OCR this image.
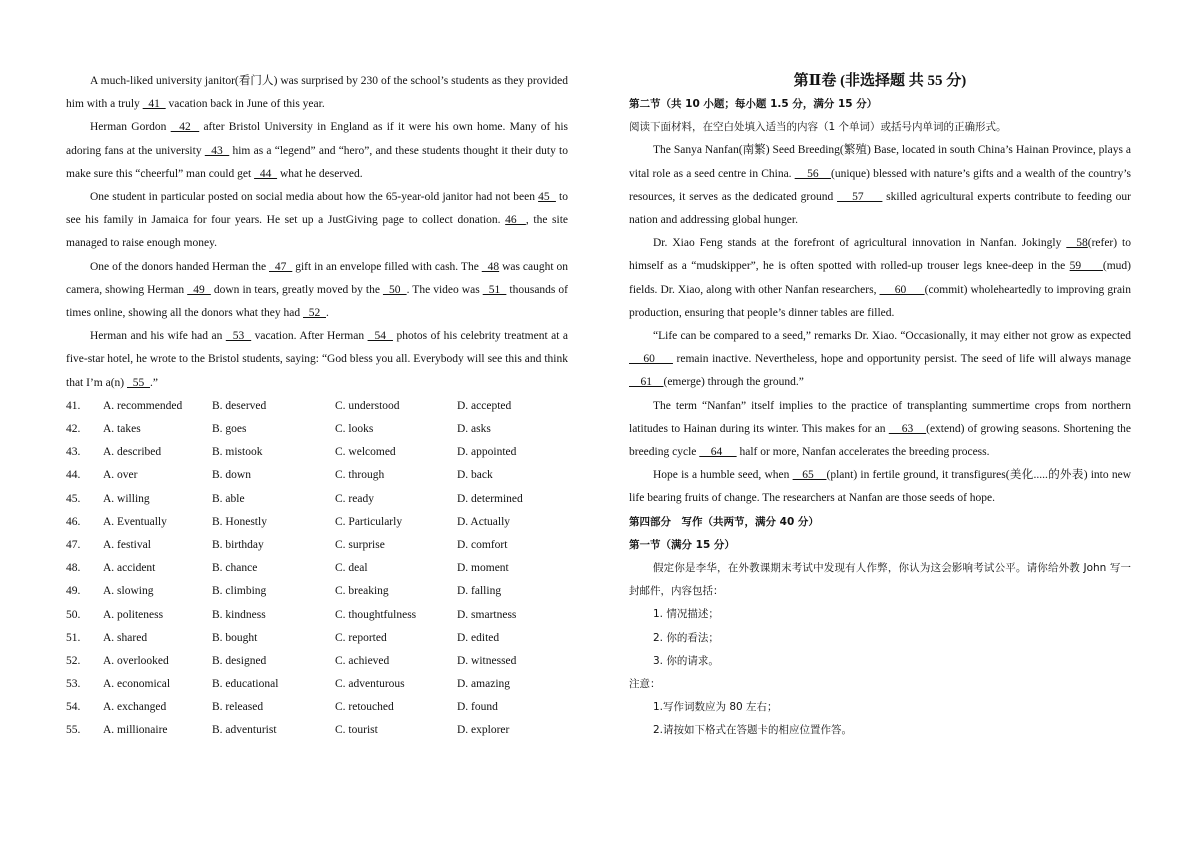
A much-liked university janitor(看门人) was surprised by 230 of the school’s students as they provided him with a truly   41   vacation back in June of this year.

Herman Gordon   42   after Bristol University in England as if it were his own home. Many of his adoring fans at the university   43   him as a “legend” and “hero”, and these students thought it their duty to make sure this “cheerful” man could get   44   what he deserved.

One student in particular posted on social media about how the 65-year-old janitor had not been 45   to see his family in Jamaica for four years. He set up a JustGiving page to collect donation. 46  , the site managed to raise enough money.

One of the donors handed Herman the   47   gift in an envelope filled with cash. The   48 was caught on camera, showing Herman   49   down in tears, greatly moved by the   50  . The video was   51   thousands of times online, showing all the donors what they had   52  .

Herman and his wife had an   53   vacation. After Herman   54   photos of his celebrity treatment at a five-star hotel, he wrote to the Bristol students, saying: “God bless you all. Everybody will see this and think that I’m a(n)   55  .”

41.	A. recommended	B. deserved	C. understood	D. accepted
42.	A. takes	B. goes	C. looks	D. asks
43.	A. described	B. mistook	C. welcomed	D. appointed
44.	A. over	B. down	C. through	D. back
45.	A. willing	B. able	C. ready	D. determined
46.	A. Eventually	B. Honestly	C. Particularly	D. Actually
47.	A. festival	B. birthday	C. surprise	D. comfort
48.	A. accident	B. chance	C. deal	D. moment
49.	A. slowing	B. climbing	C. breaking	D. falling
50.	A. politeness	B. kindness	C. thoughtfulness	D. smartness
51.	A. shared	B. bought	C. reported	D. edited
52.	A. overlooked	B. designed	C. achieved	D. witnessed
53.	A. economical	B. educational	C. adventurous	D. amazing
54.	A. exchanged	B. released	C. retouched	D. found
55.	A. millionaire	B. adventurist	C. tourist	D. explorer
第Ⅱ卷 (非选择题 共 55 分)

第二节（共 10 小题；每小题 1.5 分，满分 15 分）

阅读下面材料，在空白处填入适当的内容（1 个单词）或括号内单词的正确形式。

The Sanya Nanfan(南繁) Seed Breeding(繁殖) Base, located in south China’s Hainan Province, plays a vital role as a seed centre in China.     56    (unique) blessed with nature’s gifts and a wealth of the country’s resources, it serves as the dedicated ground     57      skilled agricultural experts contribute to feeding our nation and addressing global hunger.

Dr. Xiao Feng stands at the forefront of agricultural innovation in Nanfan. Jokingly   58(refer) to himself as a “mudskipper”, he is often spotted with rolled-up trouser legs knee-deep in the 59     (mud) fields. Dr. Xiao, along with other Nanfan researchers,      60      (commit) wholeheartedly to improving grain production, ensuring that people’s dinner tables are filled.

“Life can be compared to a seed,” remarks Dr. Xiao. “Occasionally, it may either not grow as expected     60      remain inactive. Nevertheless, hope and opportunity persist. The seed of life will always manage     61    (emerge) through the ground.”

The term “Nanfan” itself implies to the practice of transplanting summertime crops from northern latitudes to Hainan during its winter. This makes for an     63    (extend) of growing seasons. Shortening the breeding cycle     64      half or more, Nanfan accelerates the breeding process.

Hope is a humble seed, when    65    (plant) in fertile ground, it transfigures(美化.....的外表) into new life bearing fruits of change. The researchers at Nanfan are those seeds of hope.

第四部分　写作（共两节，满分 40 分）

第一节（满分 15 分）

假定你是李华，在外教课期末考试中发现有人作弊，你认为这会影响考试公平。请你给外教 John 写一封邮件，内容包括：

1. 情况描述；

2. 你的看法；

3. 你的请求。

注意：

1.写作词数应为 80 左右；

2.请按如下格式在答题卡的相应位置作答。
